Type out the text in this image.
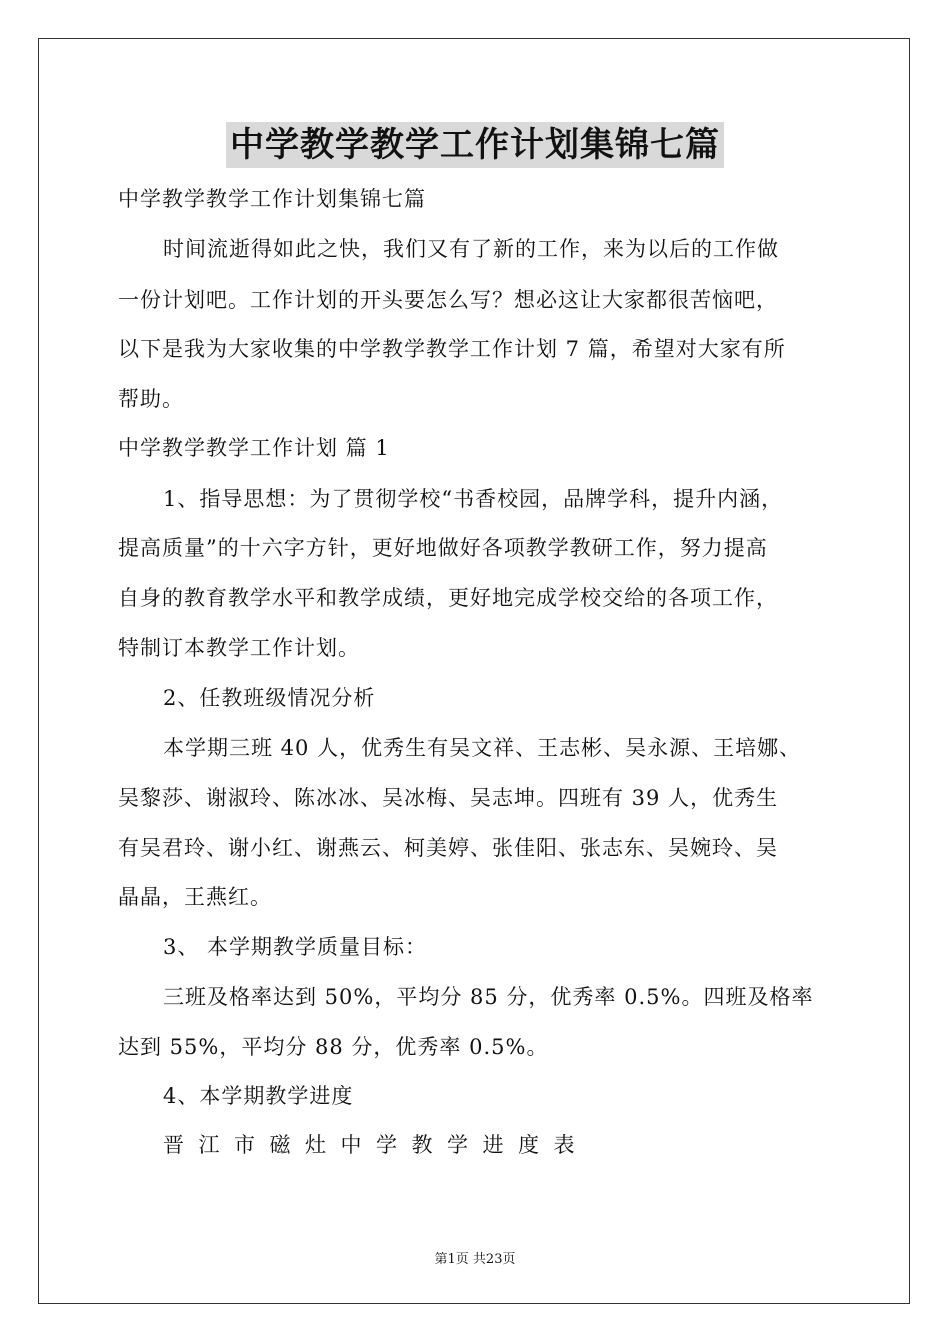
中学教学教学工作计划集锦七篇
中学教学教学工作计划集锦七篇
时间流逝得如此之快，我们又有了新的工作，来为以后的工作做
一份计划吧。工作计划的开头要怎么写？想必这让大家都很苦恼吧，
以下是我为大家收集的中学教学教学工作计划 7 篇，希望对大家有所
帮助。
中学教学教学工作计划 篇 1
1、指导思想：为了贯彻学校“书香校园，品牌学科，提升内涵，
提高质量”的十六字方针，更好地做好各项教学教研工作，努力提高
自身的教育教学水平和教学成绩，更好地完成学校交给的各项工作，
特制订本教学工作计划。
2、任教班级情况分析
本学期三班 40 人，优秀生有吴文祥、王志彬、吴永源、王培娜、
吴黎莎、谢淑玲、陈冰冰、吴冰梅、吴志坤。四班有 39 人，优秀生
有吴君玲、谢小红、谢燕云、柯美婷、张佳阳、张志东、吴婉玲、吴
晶晶，王燕红。
3、 本学期教学质量目标：
三班及格率达到 50%，平均分 85 分，优秀率 0.5%。四班及格率
达到 55%，平均分 88 分，优秀率 0.5%。
4、本学期教学进度
晋江市磁灶中学教学进度表
第1页 共23页
